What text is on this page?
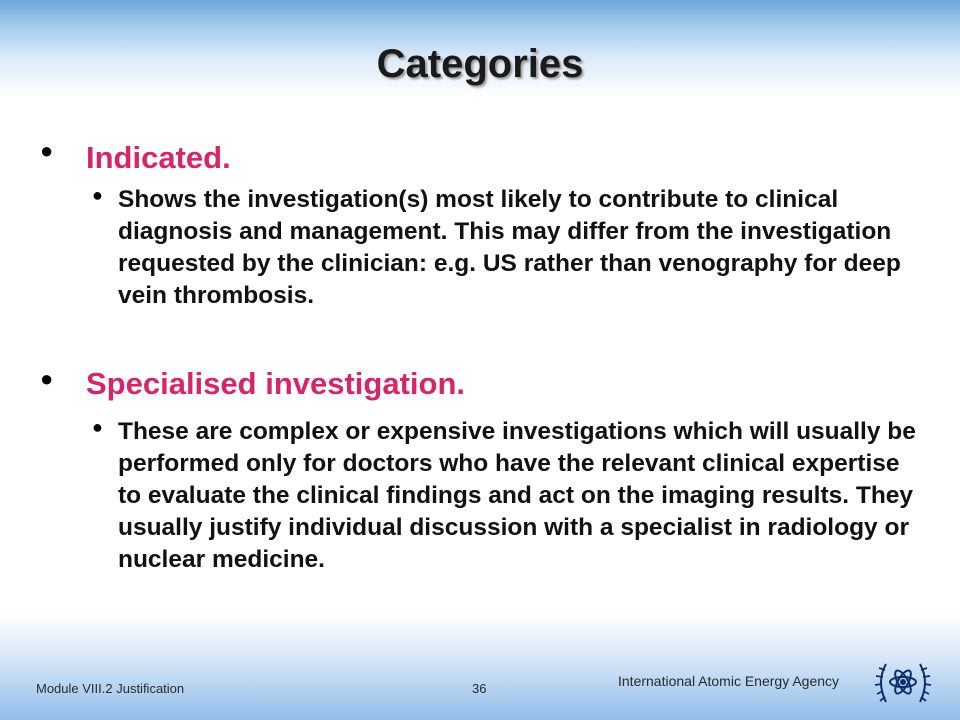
Categories
● Indicated.
● Shows the investigation(s) most likely to contribute to clinical diagnosis and management. This may differ from the investigation requested by the clinician: e.g. US rather than venography for deep vein thrombosis.
● Specialised investigation.
● These are complex or expensive investigations which will usually be performed only for doctors who have the relevant clinical expertise to evaluate the clinical findings and act on the imaging results. They usually justify individual discussion with a specialist in radiology or nuclear medicine.
Module VIII.2 Justification	36	International Atomic Energy Agency
